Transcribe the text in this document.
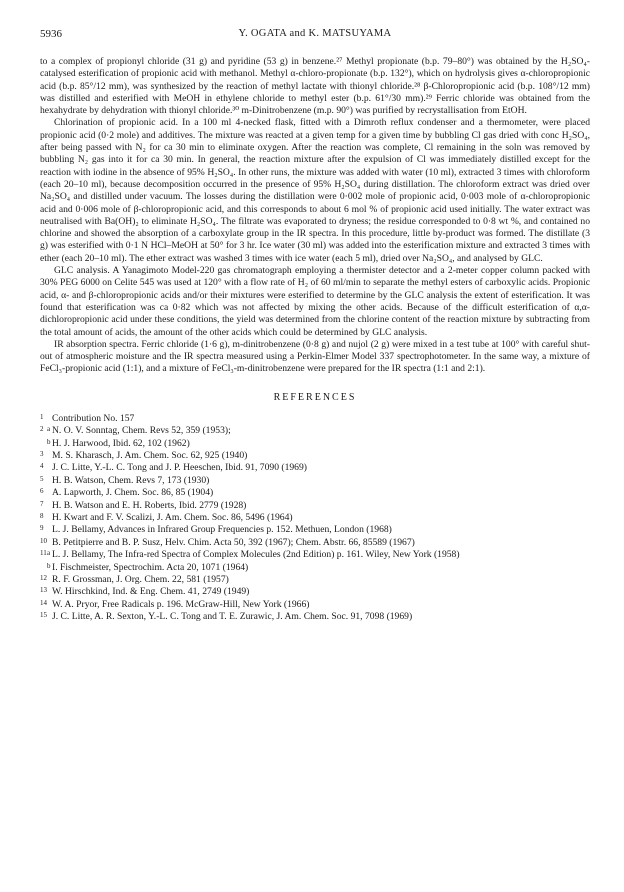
5936	Y. OGATA and K. MATSUYAMA

to a complex of propionyl chloride (31 g) and pyridine (53 g) in benzene.²⁷ Methyl propionate (b.p. 79–80°) was obtained by the H₂SO₄-catalysed esterification of propionic acid with methanol. Methyl α-chloro-propionate (b.p. 132°), which on hydrolysis gives α-chloropropionic acid (b.p. 85°/12 mm), was synthesized by the reaction of methyl lactate with thionyl chloride.²⁸ β-Chloropropionic acid (b.p. 108°/12 mm) was distilled and esterified with MeOH in ethylene chloride to methyl ester (b.p. 61°/30 mm).²⁹ Ferric chloride was obtained from the hexahydrate by dehydration with thionyl chloride.³⁰ m-Dinitrobenzene (m.p. 90°) was purified by recrystallisation from EtOH.

Chlorination of propionic acid. In a 100 ml 4-necked flask, fitted with a Dimroth reflux condenser and a thermometer, were placed propionic acid (0·2 mole) and additives. The mixture was reacted at a given temp for a given time by bubbling Cl gas dried with conc H₂SO₄, after being passed with N₂ for ca 30 min to eliminate oxygen. After the reaction was complete, Cl remaining in the soln was removed by bubbling N₂ gas into it for ca 30 min. In general, the reaction mixture after the expulsion of Cl was immediately distilled except for the reaction with iodine in the absence of 95% H₂SO₄. In other runs, the mixture was added with water (10 ml), extracted 3 times with chloroform (each 20–10 ml), because decomposition occurred in the presence of 95% H₂SO₄ during distillation. The chloroform extract was dried over Na₂SO₄ and distilled under vacuum. The losses during the distillation were 0·002 mole of propionic acid, 0·003 mole of α-chloropropionic acid and 0·006 mole of β-chloropropionic acid, and this corresponds to about 6 mol % of propionic acid used initially. The water extract was neutralised with Ba(OH)₂ to eliminate H₂SO₄. The filtrate was evaporated to dryness; the residue corresponded to 0·8 wt %, and contained no chlorine and showed the absorption of a carboxylate group in the IR spectra. In this procedure, little by-product was formed. The distillate (3 g) was esterified with 0·1 N HCl–MeOH at 50° for 3 hr. Ice water (30 ml) was added into the esterification mixture and extracted 3 times with ether (each 20–10 ml). The ether extract was washed 3 times with ice water (each 5 ml), dried over Na₂SO₄, and analysed by GLC.

GLC analysis. A Yanagimoto Model-220 gas chromatograph employing a thermister detector and a 2-meter copper column packed with 30% PEG 6000 on Celite 545 was used at 120° with a flow rate of H₂ of 60 ml/min to separate the methyl esters of carboxylic acids. Propionic acid, α- and β-chloropropionic acids and/or their mixtures were esterified to determine by the GLC analysis the extent of esterification. It was found that esterification was ca 0·82 which was not affected by mixing the other acids. Because of the difficult esterification of α,α-dichloropropionic acid under these conditions, the yield was determined from the chlorine content of the reaction mixture by subtracting from the total amount of acids, the amount of the other acids which could be determined by GLC analysis.

IR absorption spectra. Ferric chloride (1·6 g), m-dinitrobenzene (0·8 g) and nujol (2 g) were mixed in a test tube at 100° with careful shut-out of atmospheric moisture and the IR spectra measured using a Perkin-Elmer Model 337 spectrophotometer. In the same way, a mixture of FeCl₃-propionic acid (1:1), and a mixture of FeCl₃-m-dinitrobenzene were prepared for the IR spectra (1:1 and 2:1).

REFERENCES
1 Contribution No. 157
2 a N. O. V. Sonntag, Chem. Revs 52, 359 (1953);
b H. J. Harwood, Ibid. 62, 102 (1962)
3 M. S. Kharasch, J. Am. Chem. Soc. 62, 925 (1940)
4 J. C. Litte, Y.-L. C. Tong and J. P. Heeschen, Ibid. 91, 7090 (1969)
5 H. B. Watson, Chem. Revs 7, 173 (1930)
6 A. Lapworth, J. Chem. Soc. 86, 85 (1904)
7 H. B. Watson and E. H. Roberts, Ibid. 2779 (1928)
8 H. Kwart and F. V. Scalizi, J. Am. Chem. Soc. 86, 5496 (1964)
9 L. J. Bellamy, Advances in Infrared Group Frequencies p. 152. Methuen, London (1968)
10 B. Petitpierre and B. P. Susz, Helv. Chim. Acta 50, 392 (1967); Chem. Abstr. 66, 85589 (1967)
11 a L. J. Bellamy, The Infra-red Spectra of Complex Molecules (2nd Edition) p. 161. Wiley, New York (1958)
b I. Fischmeister, Spectrochim. Acta 20, 1071 (1964)
12 R. F. Grossman, J. Org. Chem. 22, 581 (1957)
13 W. Hirschkind, Ind. & Eng. Chem. 41, 2749 (1949)
14 W. A. Pryor, Free Radicals p. 196. McGraw-Hill, New York (1966)
15 J. C. Litte, A. R. Sexton, Y.-L. C. Tong and T. E. Zurawic, J. Am. Chem. Soc. 91, 7098 (1969)
